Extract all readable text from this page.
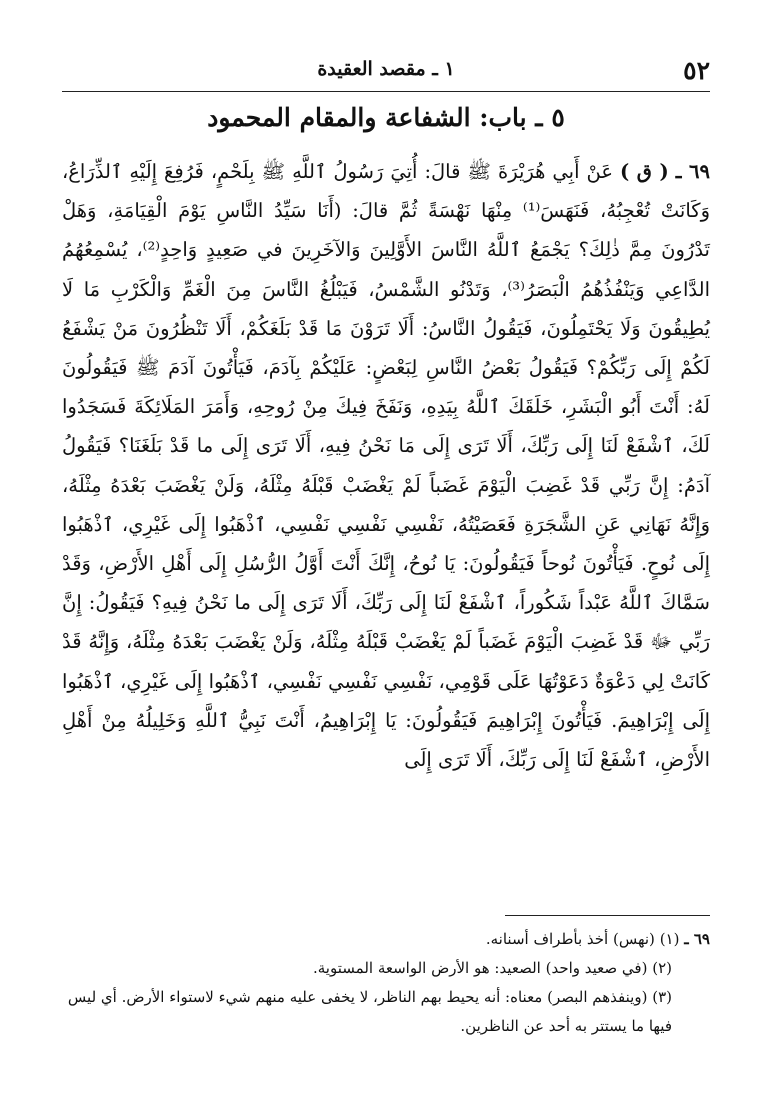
٥٢
١ ـ مقصد العقيدة
٥ ـ باب: الشفاعة والمقام المحمود
٦٩ ـ ( ق ) عَنْ أَبِي هُرَيْرَةَ ﷺ قالَ: أُتِيَ رَسُولُ ٱللَّهِ ﷺ بِلَحْمٍ، فَرُفِعَ إِلَيْهِ ٱلذِّرَاعُ، وَكَانَتْ تُعْجِبُهُ، فَنَهَسَ⁽¹⁾ مِنْهَا نَهْسَةً ثُمَّ قالَ: (أَنَا سَيِّدُ النَّاسِ يَوْمَ الْقِيَامَةِ، وَهَلْ تَدْرُونَ مِمَّ ذٰلِكَ؟ يَجْمَعُ ٱللَّهُ النَّاسَ الأَوَّلِينَ وَالآخَرِينَ في صَعِيدٍ وَاحِدٍ⁽²⁾، يُسْمِعُهُمُ الدَّاعِي وَيَنْفُذُهُمُ الْبَصَرُ⁽³⁾، وَتَدْنُو الشَّمْسُ، فَيَبْلُغُ النَّاسَ مِنَ الْغَمِّ وَالْكَرْبِ مَا لَا يُطِيقُونَ وَلَا يَحْتَمِلُونَ، فَيَقُولُ النَّاسُ: أَلَا تَرَوْنَ مَا قَدْ بَلَغَكُمْ، أَلَا تَنْظُرُونَ مَنْ يَشْفَعُ لَكُمْ إِلَى رَبِّكُمْ؟ فَيَقُولُ بَعْضُ النَّاسِ لِبَعْضٍ: عَلَيْكُمْ بِآدَمَ، فَيَأْتُونَ آدَمَ ﷺ فَيَقُولُونَ لَهُ: أَنْتَ أَبُو الْبَشَرِ، خَلَقَكَ ٱللَّهُ بِيَدِهِ، وَنَفَخَ فِيكَ مِنْ رُوحِهِ، وَأَمَرَ المَلَائِكَةَ فَسَجَدُوا لَكَ، ٱشْفَعْ لَنَا إِلَى رَبِّكَ، أَلَا تَرَى إِلَى مَا نَحْنُ فِيهِ، أَلَا تَرَى إِلَى ما قَدْ بَلَغَنَا؟ فَيَقُولُ آدَمُ: إِنَّ رَبِّي قَدْ غَضِبَ الْيَوْمَ غَضَباً لَمْ يَغْضَبْ قَبْلَهُ مِثْلَهُ، وَلَنْ يَغْضَبَ بَعْدَهُ مِثْلَهُ، وَإِنَّهُ نَهَانِي عَنِ الشَّجَرَةِ فَعَصَيْتُهُ، نَفْسِي نَفْسِي نَفْسِي، ٱذْهَبُوا إِلَى غَيْرِي، ٱذْهَبُوا إِلَى نُوحٍ. فَيَأْتُونَ نُوحاً فَيَقُولُونَ: يَا نُوحُ، إِنَّكَ أَنْتَ أَوَّلُ الرُّسُلِ إِلَى أَهْلِ الأَرْضِ، وَقَدْ سَمَّاكَ ٱللَّهُ عَبْداً شَكُوراً، ٱشْفَعْ لَنَا إِلَى رَبِّكَ، أَلَا تَرَى إِلَى ما نَحْنُ فِيهِ؟ فَيَقُولُ: إِنَّ رَبِّي ﷻ قَدْ غَضِبَ الْيَوْمَ غَضَباً لَمْ يَغْضَبْ قَبْلَهُ مِثْلَهُ، وَلَنْ يَغْضَبَ بَعْدَهُ مِثْلَهُ، وَإِنَّهُ قَدْ كَانَتْ لِي دَعْوَةٌ دَعَوْتُهَا عَلَى قَوْمِي، نَفْسِي نَفْسِي نَفْسِي، ٱذْهَبُوا إِلَى غَيْرِي، ٱذْهَبُوا إِلَى إِبْرَاهِيمَ. فَيَأْتُونَ إِبْرَاهِيمَ فَيَقُولُونَ: يَا إِبْرَاهِيمُ، أَنْتَ نَبِيُّ ٱللَّهِ وَخَلِيلُهُ مِنْ أَهْلِ الأَرْضِ، ٱشْفَعْ لَنَا إِلَى رَبِّكَ، أَلَا تَرَى إِلَى
٦٩ ـ (١) (نهس) أخذ بأطراف أسنانه.
(٢) (في صعيد واحد) الصعيد: هو الأرض الواسعة المستوية.
(٣) (وينفذهم البصر) معناه: أنه يحيط بهم الناظر، لا يخفى عليه منهم شيء لاستواء الأرض. أي ليس فيها ما يستتر به أحد عن الناظرين.
